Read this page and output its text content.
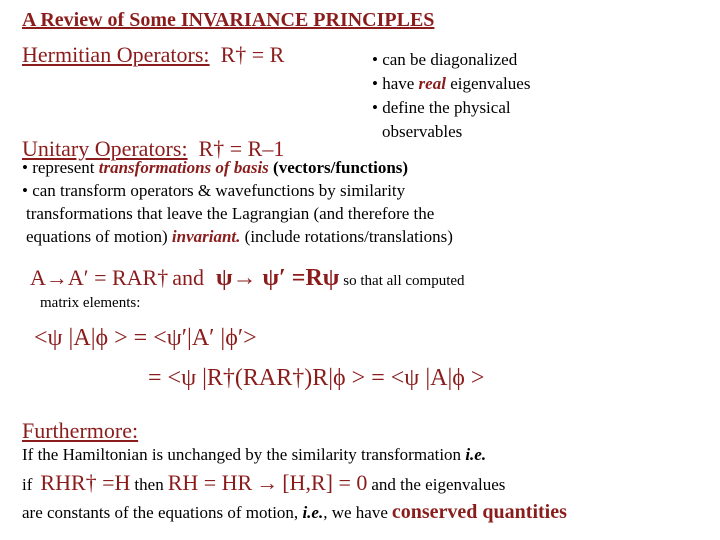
A Review of Some INVARIANCE PRINCIPLES
Hermitian Operators: R† = R	• can be diagonalized
• have real eigenvalues
• define the physical
observables
Unitary Operators: R† = R–1
• represent transformations of basis (vectors/functions)
• can transform operators & wavefunctions by similarity
transformations that leave the Lagrangian (and therefore the
equations of motion) invariant. (include rotations/translations)
A→A′ = RAR† and ψ→ ψ′ =Rψ so that all computed
matrix elements:
<ψ |A|ϕ > = <ψ′|A′ |ϕ′>
= <ψ |R†(RAR†)R|ϕ > = <ψ |A|ϕ >
Furthermore:
If the Hamiltonian is unchanged by the similarity transformation i.e.
if RHR† =H then RH = HR → [H,R] = 0 and the eigenvalues
are constants of the equations of motion, i.e., we have conserved quantities
